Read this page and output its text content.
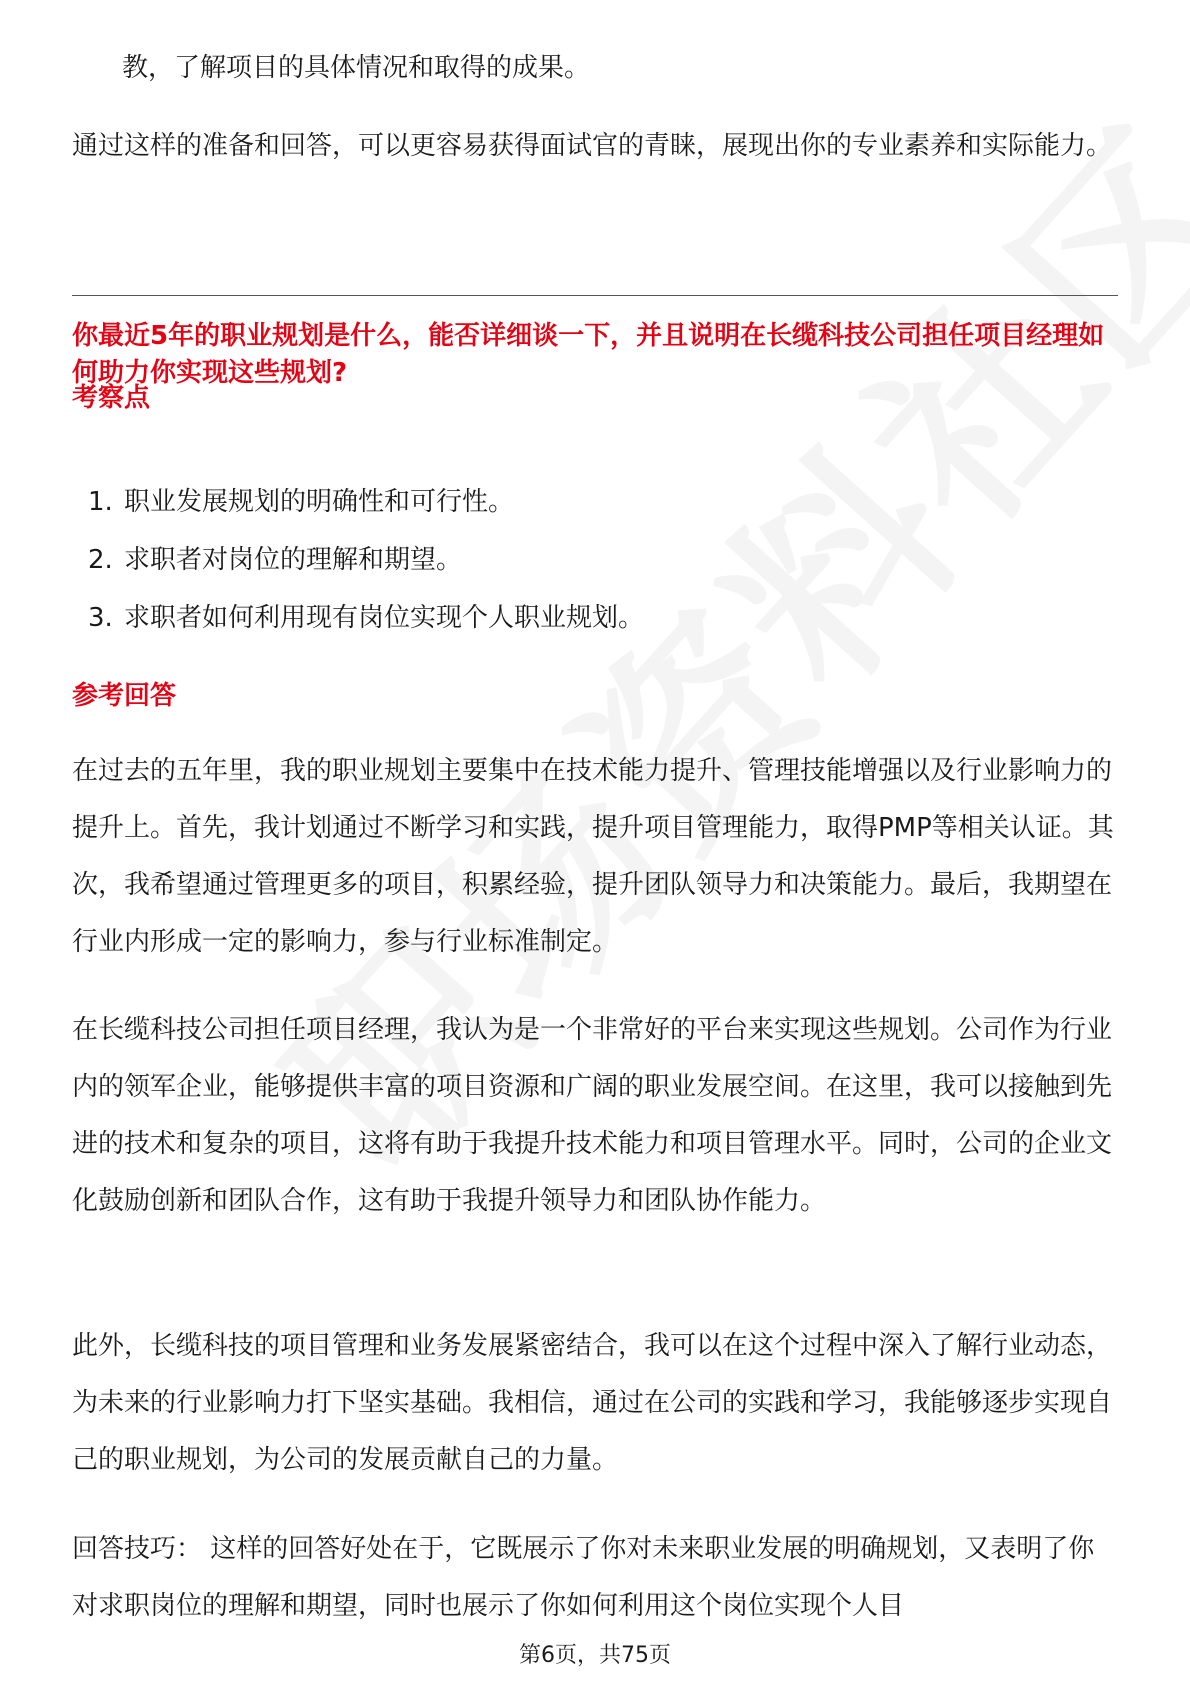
教，了解项目的具体情况和取得的成果。

通过这样的准备和回答，可以更容易获得面试官的青睐，展现出你的专业素养和实际能力。

你最近5年的职业规划是什么，能否详细谈一下，并且说明在长缆科技公司担任项目经理如何助力你实现这些规划?

考察点

1. 职业发展规划的明确性和可行性。
2. 求职者对岗位的理解和期望。
3. 求职者如何利用现有岗位实现个人职业规划。

参考回答

在过去的五年里，我的职业规划主要集中在技术能力提升、管理技能增强以及行业影响力的提升上。首先，我计划通过不断学习和实践，提升项目管理能力，取得PMP等相关认证。其次，我希望通过管理更多的项目，积累经验，提升团队领导力和决策能力。最后，我期望在行业内形成一定的影响力，参与行业标准制定。

在长缆科技公司担任项目经理，我认为是一个非常好的平台来实现这些规划。公司作为行业内的领军企业，能够提供丰富的项目资源和广阔的职业发展空间。在这里，我可以接触到先进的技术和复杂的项目，这将有助于我提升技术能力和项目管理水平。同时，公司的企业文化鼓励创新和团队合作，这有助于我提升领导力和团队协作能力。

此外，长缆科技的项目管理和业务发展紧密结合，我可以在这个过程中深入了解行业动态，为未来的行业影响力打下坚实基础。我相信，通过在公司的实践和学习，我能够逐步实现自己的职业规划，为公司的发展贡献自己的力量。

回答技巧： 这样的回答好处在于，它既展示了你对未来职业发展的明确规划，又表明了你对求职岗位的理解和期望，同时也展示了你如何利用这个岗位实现个人目

第6页，共75页
